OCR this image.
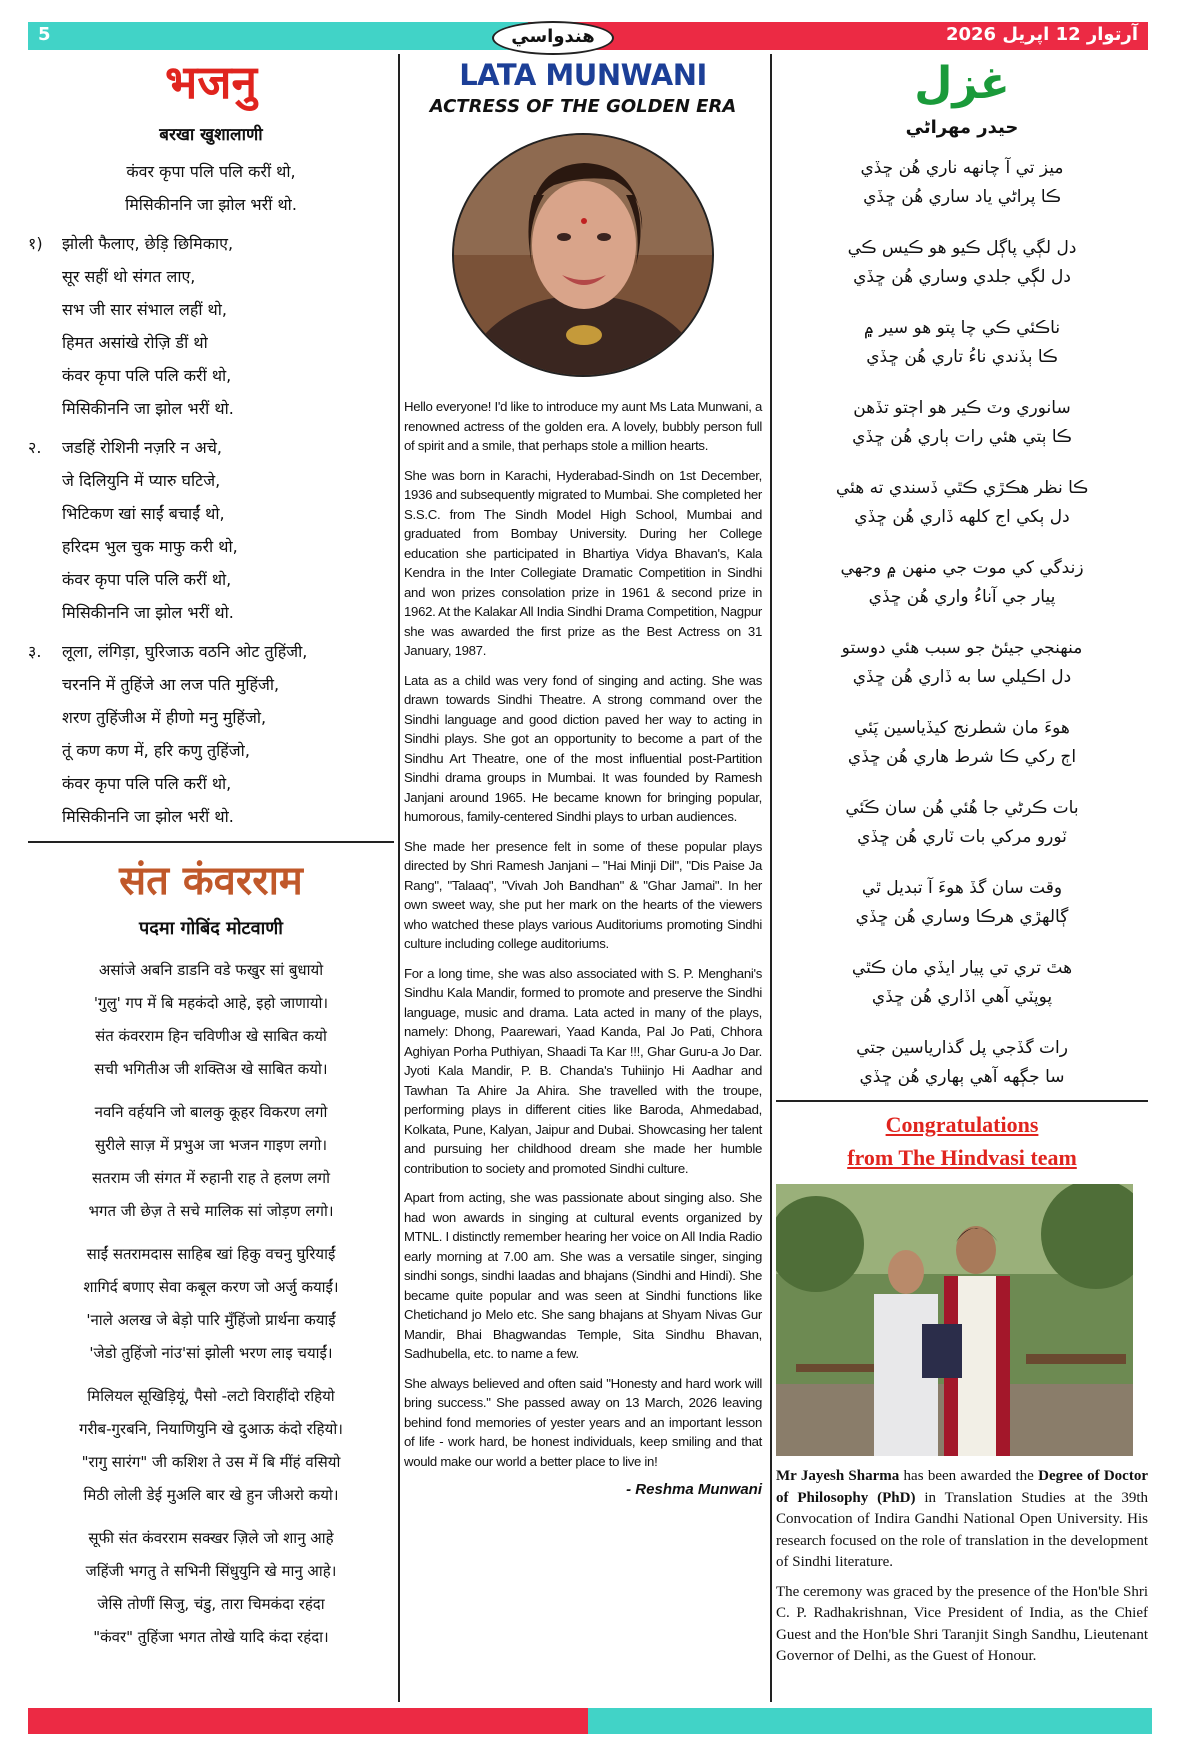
5	هندواسي	آرتوار 12 اپريل 2026
भजनु
बरखा खुशालाणी
कंवर कृपा पलि पलि करीं थो,
मिसिकीननि जा झोल भरीं थो.
१)	झोली फैलाए, छेड़ि छिमिकाए,
सूर सहीं थो संगत लाए,
सभ जी सार संभाल लहीं थो,
हिमत असांखे रोज़ि डीं थो
कंवर कृपा पलि पलि करीं थो,
मिसिकीननि जा झोल भरीं थो.
२.	जडहिं रोशिनी नज़रि न अचे,
जे दिलियुनि में प्यारु घटिजे,
भिटिकण खां साईं बचाईं थो,
हरिदम भुल चुक माफु करी थो,
कंवर कृपा पलि पलि करीं थो,
मिसिकीननि जा झोल भरीं थो.
३.	लूला, लंगिड़ा, घुरिजाऊ वठनि ओट तुहिंजी,
चरननि में तुहिंजे आ लज पति मुहिंजी,
शरण तुहिंजीअ में हीणो मनु मुहिंजो,
तूं कण कण में, हरि कणु तुहिंजो,
कंवर कृपा पलि पलि करीं थो,
मिसिकीननि जा झोल भरीं थो.
संत कंवरराम
पदमा गोबिंद मोटवाणी

असांजे अबनि डाडनि वडे फखुर सां बुधायो
'गुलु' गप में बि महकंदो आहे, इहो जाणायो।
संत कंवरराम हिन चविणीअ खे साबित कयो
सची भगितीअ जी शक्तिअ खे साबित कयो।

नवनि वर्हयनि जो बालकु कूहर विकरण लगो
सुरीले साज़ में प्रभुअ जा भजन गाइण लगो।
सतराम जी संगत में रुहानी राह ते हलण लगो
भगत जी छेज़ ते सचे मालिक सां जोड़ण लगो।

साईं सतरामदास साहिब खां हिकु वचनु घुरियाईं
शागिर्द बणाए सेवा कबूल करण जो अर्जु कयाईं।
'नाले अलख जे बेड़ो पारि मुँहिंजो प्रार्थना कयाईं
'जेडो तुहिंजो नांउ'सां झोली भरण लाइ चयाईं।

मिलियल सूखिड़ियूं, पैसो -लटो विराहींदो रहियो
गरीब-गुरबनि, नियाणियुनि खे दुआऊ कंदो रहियो।
"रागु सारंग" जी कशिश ते उस में बि मींहं वसियो
मिठी लोली डेई मुअलि बार खे हुन जीअरो कयो।

सूफी संत कंवरराम सक्खर ज़िले जो शानु आहे
जहिंजी भगतु ते सभिनी सिंधुयुनि खे मानु आहे।
जेसि तोणीं सिजु, चंडु, तारा चिमकंदा रहंदा
"कंवर" तुहिंजा भगत तोखे यादि कंदा रहंदा।

LATA MUNWANI
ACTRESS OF THE GOLDEN ERA

Hello everyone! I'd like to introduce my aunt Ms Lata Munwani, a renowned actress of the golden era. A lovely, bubbly person full of spirit and a smile, that perhaps stole a million hearts.

She was born in Karachi, Hyderabad-Sindh on 1st December, 1936 and subsequently migrated to Mumbai. She completed her S.S.C. from The Sindh Model High School, Mumbai and graduated from Bombay University. During her College education she participated in Bhartiya Vidya Bhavan's, Kala Kendra in the Inter Collegiate Dramatic Competition in Sindhi and won prizes consolation prize in 1961 & second prize in 1962. At the Kalakar All India Sindhi Drama Competition, Nagpur she was awarded the first prize as the Best Actress on 31 January, 1987.

Lata as a child was very fond of singing and acting. She was drawn towards Sindhi Theatre. A strong command over the Sindhi language and good diction paved her way to acting in Sindhi plays. She got an opportunity to become a part of the Sindhu Art Theatre, one of the most influential post-Partition Sindhi drama groups in Mumbai. It was founded by Ramesh Janjani around 1965. He became known for bringing popular, humorous, family-centered Sindhi plays to urban audiences.

She made her presence felt in some of these popular plays directed by Shri Ramesh Janjani – "Hai Minji Dil", "Dis Paise Ja Rang", "Talaaq", "Vivah Joh Bandhan" & "Ghar Jamai". In her own sweet way, she put her mark on the hearts of the viewers who watched these plays various Auditoriums promoting Sindhi culture including college auditoriums.

For a long time, she was also associated with S. P. Menghani's Sindhu Kala Mandir, formed to promote and preserve the Sindhi language, music and drama. Lata acted in many of the plays, namely: Dhong, Paarewari, Yaad Kanda, Pal Jo Pati, Chhora Aghiyan Porha Puthiyan, Shaadi Ta Kar !!!, Ghar Guru-a Jo Dar. Jyoti Kala Mandir, P. B. Chanda's Tuhiinjo Hi Aadhar and Tawhan Ta Ahire Ja Ahira. She travelled with the troupe, performing plays in different cities like Baroda, Ahmedabad, Kolkata, Pune, Kalyan, Jaipur and Dubai. Showcasing her talent and pursuing her childhood dream she made her humble contribution to society and promoted Sindhi culture.

Apart from acting, she was passionate about singing also. She had won awards in singing at cultural events organized by MTNL. I distinctly remember hearing her voice on All India Radio early morning at 7.00 am. She was a versatile singer, singing sindhi songs, sindhi laadas and bhajans (Sindhi and Hindi). She became quite popular and was seen at Sindhi functions like Chetichand jo Melo etc. She sang bhajans at Shyam Nivas Gur Mandir, Bhai Bhagwandas Temple, Sita Sindhu Bhavan, Sadhubella, etc. to name a few.

She always believed and often said "Honesty and hard work will bring success." She passed away on 13 March, 2026 leaving behind fond memories of yester years and an important lesson of life - work hard, be honest individuals, keep smiling and that would make our world a better place to live in!

- Reshma Munwani
غزل
حيدر مهراڻي
ميز تي آ چانهه ناري هُن ڇڏي
ڪا پراڻي ياد ساري هُن ڇڏي
دل لڳي پاڳل ڪيو هو ڪيس ڪي
دل لڳي جلدي وساري هُن ڇڏي
ناڪئي ڪي چا پتو هو سير ۾
ڪا ٻڏندي ناءُ تاري هُن ڇڏي
سانوري وٽ ڪير هو اڄتو تڏهن
ڪا ٻتي هئي رات ٻاري هُن ڇڏي
ڪا نظر هڪڙي ڪٿي ڏسندي ته هئي
دل ٻکي اج کلهه ڏاري هُن ڇڏي
زندگي کي موت جي منهن ۾ وجهي
پيار جي آناءُ واري هُن ڇڏي
منهنجي جيئڻ جو سبب هئي دوستو
دل اڪيلي سا به ڏاري هُن ڇڏي
هوءَ مان شطرنج کيڏياسين پَئي
اڄ رکي ڪا شرط هاري هُن ڇڏي
بات ڪرڻي جا هُئي هُن سان ڪَئي
ٽورو مرکي بات ٽاري هُن ڇڏي
وقت سان گڏ هوءَ آ تبديل ٿي
ڳالهڙي هرڪا وساري هُن ڇڏي
هٿ تري تي پيار ايڏي مان ڪٿي
پوپٽي آهي اڏاري هُن ڇڏي
رات گڏجي پل گذارياسين جتي
سا جڳهه آهي ٻهاري هُن ڇڏي
Congratulations
from The Hindvasi team

Mr Jayesh Sharma has been awarded the Degree of Doctor of Philosophy (PhD) in Translation Studies at the 39th Convocation of Indira Gandhi National Open University. His research focused on the role of translation in the development of Sindhi literature.

The ceremony was graced by the presence of the Hon'ble Shri C. P. Radhakrishnan, Vice President of India, as the Chief Guest and the Hon'ble Shri Taranjit Singh Sandhu, Lieutenant Governor of Delhi, as the Guest of Honour.
